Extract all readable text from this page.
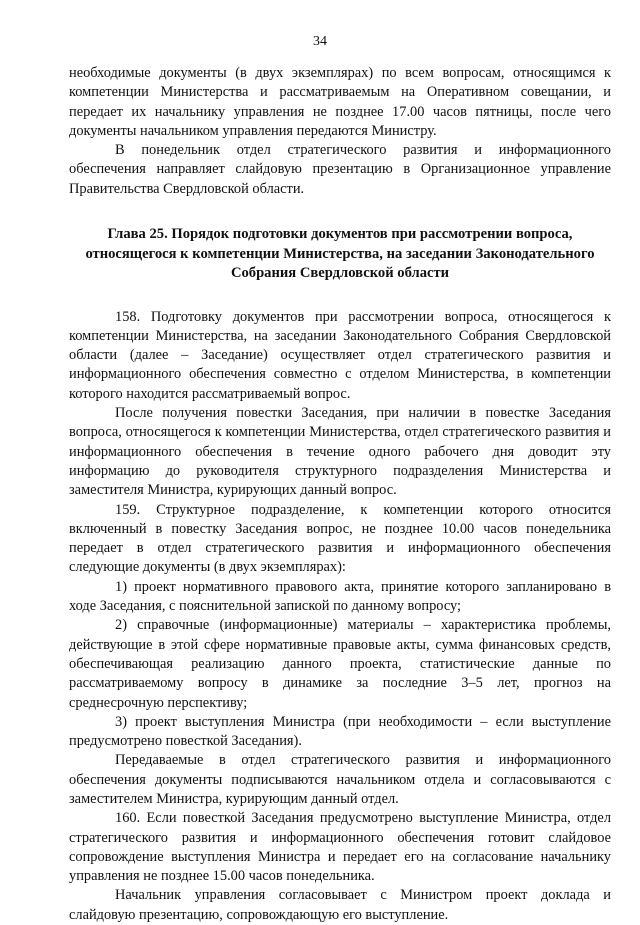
34

необходимые документы (в двух экземплярах) по всем вопросам, относящимся к компетенции Министерства и рассматриваемым на Оперативном совещании, и передает их начальнику управления не позднее 17.00 часов пятницы, после чего документы начальником управления передаются Министру.

В понедельник отдел стратегического развития и информационного обеспечения направляет слайдовую презентацию в Организационное управление Правительства Свердловской области.

Глава 25. Порядок подготовки документов при рассмотрении вопроса, относящегося к компетенции Министерства, на заседании Законодательного Собрания Свердловской области

158. Подготовку документов при рассмотрении вопроса, относящегося к компетенции Министерства, на заседании Законодательного Собрания Свердловской области (далее – Заседание) осуществляет отдел стратегического развития и информационного обеспечения совместно с отделом Министерства, в компетенции которого находится рассматриваемый вопрос.

После получения повестки Заседания, при наличии в повестке Заседания вопроса, относящегося к компетенции Министерства, отдел стратегического развития и информационного обеспечения в течение одного рабочего дня доводит эту информацию до руководителя структурного подразделения Министерства и заместителя Министра, курирующих данный вопрос.

159. Структурное подразделение, к компетенции которого относится включенный в повестку Заседания вопрос, не позднее 10.00 часов понедельника передает в отдел стратегического развития и информационного обеспечения следующие документы (в двух экземплярах):

1) проект нормативного правового акта, принятие которого запланировано в ходе Заседания, с пояснительной запиской по данному вопросу;

2) справочные (информационные) материалы – характеристика проблемы, действующие в этой сфере нормативные правовые акты, сумма финансовых средств, обеспечивающая реализацию данного проекта, статистические данные по рассматриваемому вопросу в динамике за последние 3–5 лет, прогноз на среднесрочную перспективу;

3) проект выступления Министра (при необходимости – если выступление предусмотрено повесткой Заседания).

Передаваемые в отдел стратегического развития и информационного обеспечения документы подписываются начальником отдела и согласовываются с заместителем Министра, курирующим данный отдел.

160. Если повесткой Заседания предусмотрено выступление Министра, отдел стратегического развития и информационного обеспечения готовит слайдовое сопровождение выступления Министра и передает его на согласование начальнику управления не позднее 15.00 часов понедельника.

Начальник управления согласовывает с Министром проект доклада и слайдовую презентацию, сопровождающую его выступление.
